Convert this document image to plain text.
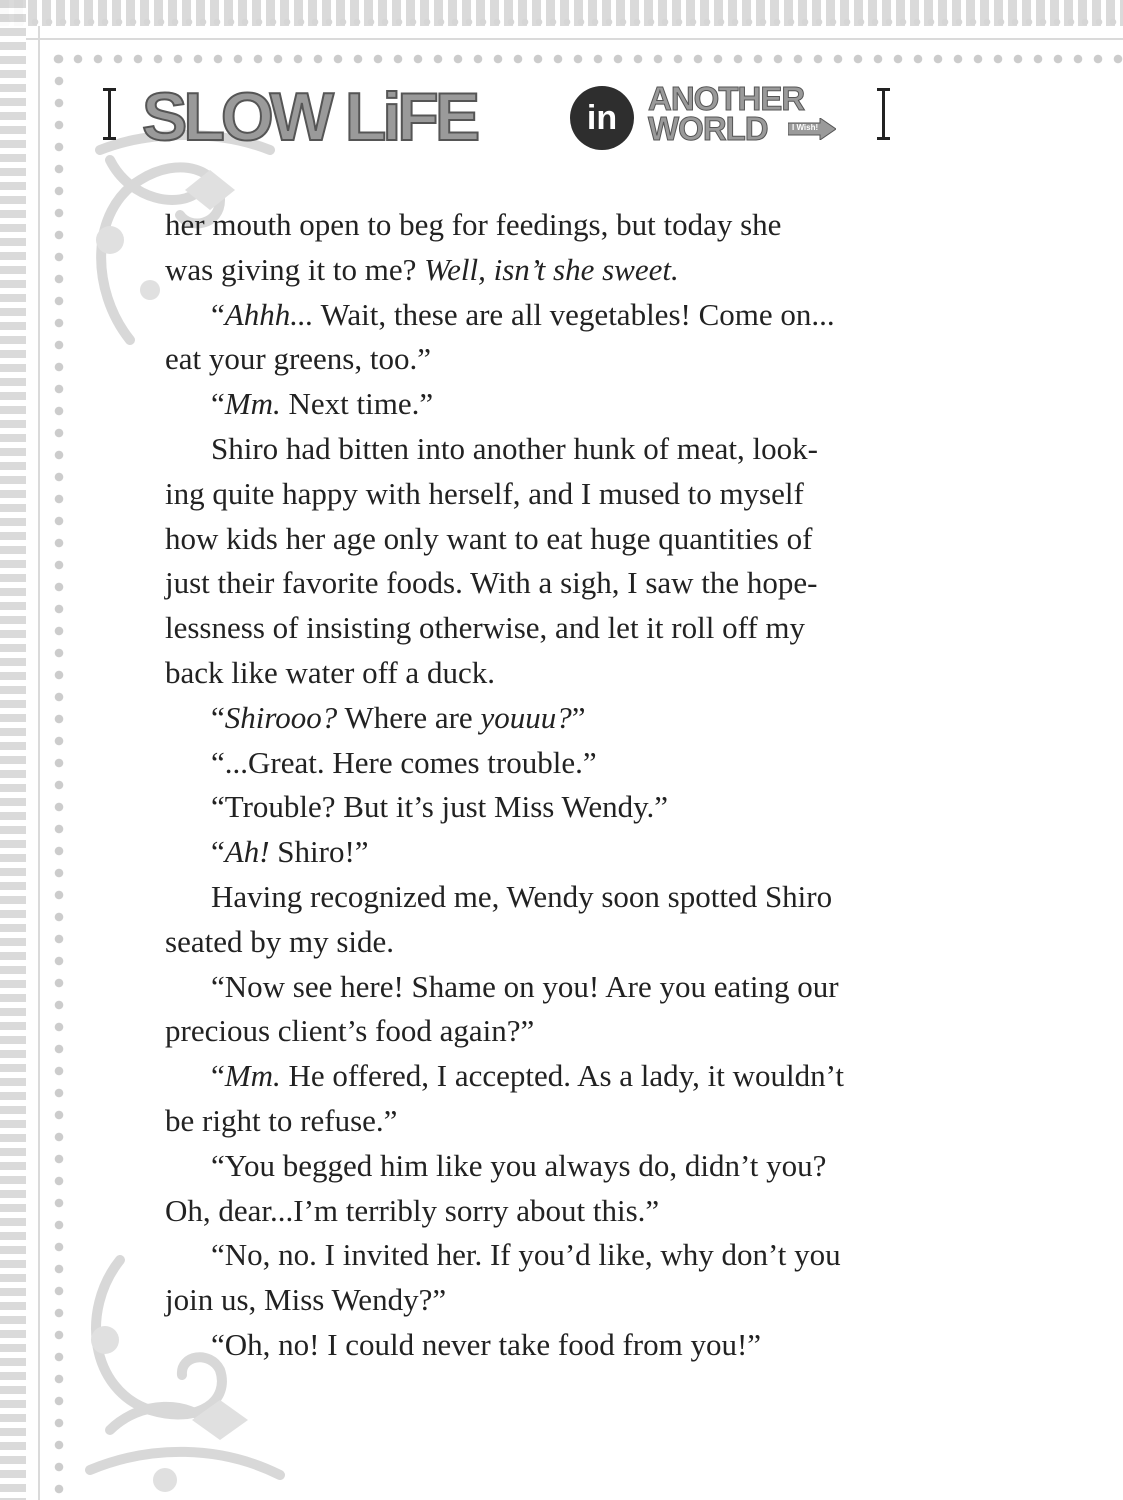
SLOW LiFE	in ANOTHER
WORLD	I Wish!

her mouth open to beg for feedings, but today she

was giving it to me? Well, isn’t she sweet.

“Ahhh... Wait, these are all vegetables! Come on...

eat your greens, too.”

“Mm. Next time.”

Shiro had bitten into another hunk of meat, look-

ing quite happy with herself, and I mused to myself

how kids her age only want to eat huge quantities of

just their favorite foods. With a sigh, I saw the hope-

lessness of insisting otherwise, and let it roll off my

back like water off a duck.

“Shirooo? Where are youuu?”

“...Great. Here comes trouble.”

“Trouble? But it’s just Miss Wendy.”

“Ah! Shiro!”

Having recognized me, Wendy soon spotted Shiro

seated by my side.

“Now see here! Shame on you! Are you eating our

precious client’s food again?”

“Mm. He offered, I accepted. As a lady, it wouldn’t

be right to refuse.”

“You begged him like you always do, didn’t you?

Oh, dear...I’m terribly sorry about this.”

“No, no. I invited her. If you’d like, why don’t you

join us, Miss Wendy?”

“Oh, no! I could never take food from you!”
